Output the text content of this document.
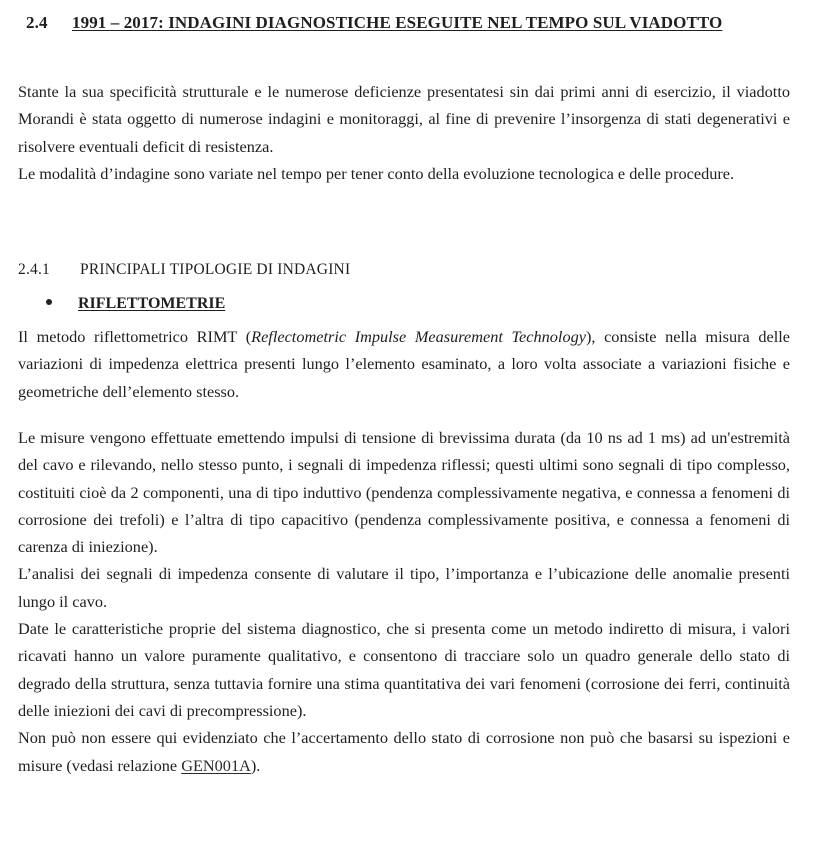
2.4 1991 – 2017: INDAGINI DIAGNOSTICHE ESEGUITE NEL TEMPO SUL VIADOTTO
Stante la sua specificità strutturale e le numerose deficienze presentatesi sin dai primi anni di esercizio, il viadotto Morandi è stata oggetto di numerose indagini e monitoraggi, al fine di prevenire l’insorgenza di stati degenerativi e risolvere eventuali deficit di resistenza.
Le modalità d’indagine sono variate nel tempo per tener conto della evoluzione tecnologica e delle procedure.
2.4.1 PRINCIPALI TIPOLOGIE DI INDAGINI
RIFLETTOMETRIE
Il metodo riflettometrico RIMT (Reflectometric Impulse Measurement Technology), consiste nella misura delle variazioni di impedenza elettrica presenti lungo l’elemento esaminato, a loro volta associate a variazioni fisiche e geometriche dell’elemento stesso.
Le misure vengono effettuate emettendo impulsi di tensione di brevissima durata (da 10 ns ad 1 ms) ad un'estremità del cavo e rilevando, nello stesso punto, i segnali di impedenza riflessi; questi ultimi sono segnali di tipo complesso, costituiti cioè da 2 componenti, una di tipo induttivo (pendenza complessivamente negativa, e connessa a fenomeni di corrosione dei trefoli) e l’altra di tipo capacitivo (pendenza complessivamente positiva, e connessa a fenomeni di carenza di iniezione).
L’analisi dei segnali di impedenza consente di valutare il tipo, l’importanza e l’ubicazione delle anomalie presenti lungo il cavo.
Date le caratteristiche proprie del sistema diagnostico, che si presenta come un metodo indiretto di misura, i valori ricavati hanno un valore puramente qualitativo, e consentono di tracciare solo un quadro generale dello stato di degrado della struttura, senza tuttavia fornire una stima quantitativa dei vari fenomeni (corrosione dei ferri, continuità delle iniezioni dei cavi di precompressione).
Non può non essere qui evidenziato che l’accertamento dello stato di corrosione non può che basarsi su ispezioni e misure (vedasi relazione GEN001A).
